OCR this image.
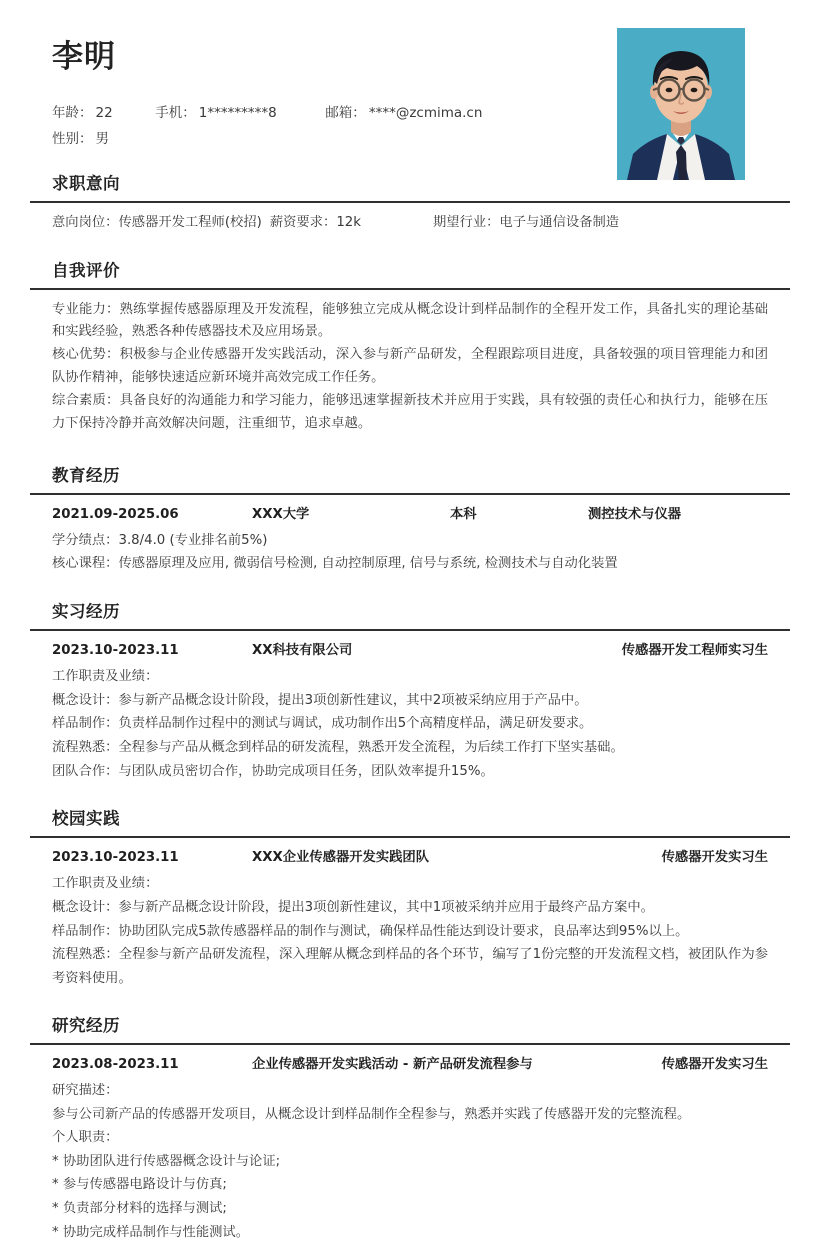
李明
年龄： 22	手机： 1*********8	邮箱： ****@zcmima.cn
性别： 男
求职意向
意向岗位：传感器开发工程师(校招) 薪资要求：12k	期望行业：电子与通信设备制造
自我评价

专业能力：熟练掌握传感器原理及开发流程，能够独立完成从概念设计到样品制作的全程开发工作，具备扎实的理论基础和实践经验，熟悉各种传感器技术及应用场景。

核心优势：积极参与企业传感器开发实践活动，深入参与新产品研发，全程跟踪项目进度，具备较强的项目管理能力和团队协作精神，能够快速适应新环境并高效完成工作任务。

综合素质：具备良好的沟通能力和学习能力，能够迅速掌握新技术并应用于实践，具有较强的责任心和执行力，能够在压力下保持冷静并高效解决问题，注重细节，追求卓越。

教育经历
2021.09-2025.06	XXX大学	本科	测控技术与仪器

学分绩点：3.8/4.0 (专业排名前5%)

核心课程：传感器原理及应用, 微弱信号检测, 自动控制原理, 信号与系统, 检测技术与自动化装置

实习经历
2023.10-2023.11	XX科技有限公司	传感器开发工程师实习生

工作职责及业绩：

概念设计：参与新产品概念设计阶段，提出3项创新性建议，其中2项被采纳应用于产品中。

样品制作：负责样品制作过程中的测试与调试，成功制作出5个高精度样品，满足研发要求。

流程熟悉：全程参与产品从概念到样品的研发流程，熟悉开发全流程，为后续工作打下坚实基础。

团队合作：与团队成员密切合作，协助完成项目任务，团队效率提升15%。

校园实践
2023.10-2023.11	XXX企业传感器开发实践团队	传感器开发实习生

工作职责及业绩：

概念设计：参与新产品概念设计阶段，提出3项创新性建议，其中1项被采纳并应用于最终产品方案中。

样品制作：协助团队完成5款传感器样品的制作与测试，确保样品性能达到设计要求，良品率达到95%以上。

流程熟悉：全程参与新产品研发流程，深入理解从概念到样品的各个环节，编写了1份完整的开发流程文档，被团队作为参考资料使用。

研究经历
2023.08-2023.11	企业传感器开发实践活动 - 新产品研发流程参与	传感器开发实习生

研究描述：

参与公司新产品的传感器开发项目，从概念设计到样品制作全程参与，熟悉并实践了传感器开发的完整流程。

个人职责：

* 协助团队进行传感器概念设计与论证;

* 参与传感器电路设计与仿真;

* 负责部分材料的选择与测试;

* 协助完成样品制作与性能测试。
